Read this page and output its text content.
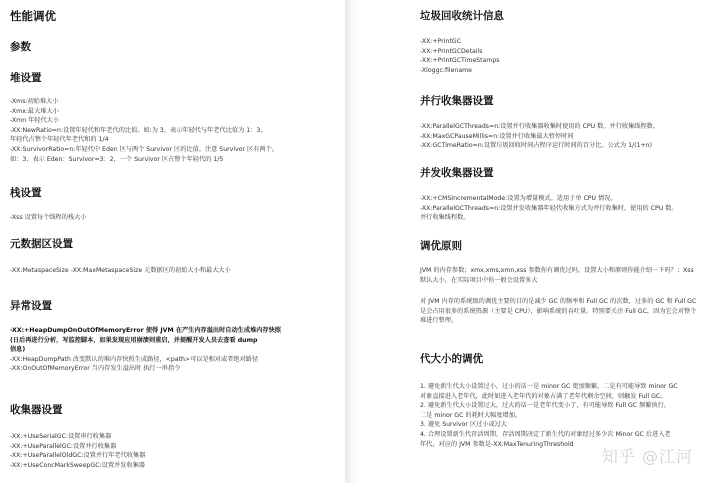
性能调优
参数
堆设置
-Xms:初始堆大小
-Xmx:最大堆大小
-Xmn 年轻代大小
-XX:NewRatio=n:设置年轻代和年老代的比值。如:为 3，表示年轻代与年老代比值为 1：3，
年轻代占整个年轻代年老代和的 1/4
-XX:SurvivorRatio=n:年轻代中 Eden 区与两个 Survivor 区的比值。注意 Survivor 区有两个。
如：3，表示 Eden：Survivor=3：2，一个 Survivor 区占整个年轻代的 1/5
栈设置
-Xss 设置每个线程的栈大小
元数据区设置
-XX:MetaspaceSize -XX:MaxMetaspaceSize 元数据区的初始大小和最大大小
异常设置
-XX:+HeapDumpOnOutOfMemoryError 使得 JVM 在产生内存溢出时自动生成堆内存快照
(日后再进行分析，写监控脚本，如果发现应用崩溃则重启，并提醒开发人员去查看 dump
信息)
-XX:HeapDumpPath 改变默认的堆内存快照生成路径，<path>可以是相对或者绝对路径
-XX:OnOutOfMemoryError 当内存发生溢出时 执行一串指令
收集器设置
-XX:+UseSerialGC:设置串行收集器
-XX:+UseParallelGC:设置并行收集器
-XX:+UseParallelOldGC:设置并行年老代收集器
-XX:+UseConcMarkSweepGC:设置并发收集器
垃圾回收统计信息
-XX:+PrintGC
-XX:+PrintGCDetails
-XX:+PrintGCTimeStamps
-Xloggc:filename
并行收集器设置
-XX:ParallelGCThreads=n:设置并行收集器收集时使用的 CPU 数。并行收集线程数。
-XX:MaxGCPauseMillis=n:设置并行收集最大暂停时间
-XX:GCTimeRatio=n:设置垃圾回收时间占程序运行时间的百分比。公式为 1/(1+n)
并发收集器设置
-XX:+CMSIncrementalMode:设置为增量模式。适用于单 CPU 情况。
-XX:ParallelGCThreads=n:设置并发收集器年轻代收集方式为并行收集时，使用的 CPU 数。
并行收集线程数。
调优原则
JVM 的内存参数；xmx,xms,xmn,xss 参数你有调优过吗，设置大小和原则你能介绍一下吗？；Xss 默认大小，在实际项目中你一般会设置多大
对 JVM 内存的系统级的调优主要的目的是减少 GC 的频率和 Full GC 的次数，过多的 GC 和 Full GC 是会占用很多的系统资源（主要是 CPU），影响系统的吞吐量。特别要关注 Full GC，因为它会对整个堆进行整理。
代大小的调优
1. 避免新生代大小设置过小，过小的话一是 minor GC 更加频繁，二是有可能导致 minor GC
对象直接进入老年代，此时如进入老年代的对象占满了老年代剩余空间，则触发 Full GC。
2. 避免新生代大小设置过大，过大的话一是老年代变小了，有可能导致 Full GC 频繁执行，
二是 minor GC 的耗时大幅度增加。
3. 避免 Survivor 区过小或过大
4. 合理设置新生代存活周期，存活周期决定了新生代的对象经过多少次 Minor GC 后进入老
年代，对应的 JVM 参数是-XX:MaxTenuringThreshold
知乎 @江河
